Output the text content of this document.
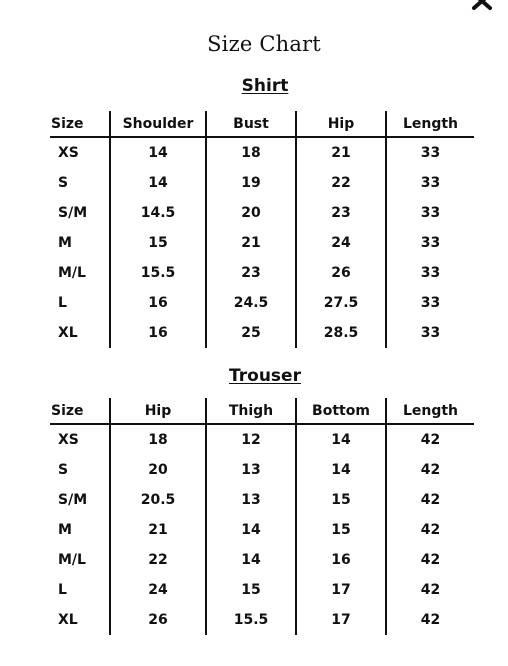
Size Chart
Shirt
Size	Shoulder	Bust	Hip	Length
XS	14	18	21	33
S	14	19	22	33
S/M	14.5	20	23	33
M	15	21	24	33
M/L	15.5	23	26	33
L	16	24.5	27.5	33
XL	16	25	28.5	33
Trouser
Size	Hip	Thigh	Bottom	Length
XS	18	12	14	42
S	20	13	14	42
S/M	20.5	13	15	42
M	21	14	15	42
M/L	22	14	16	42
L	24	15	17	42
XL	26	15.5	17	42
